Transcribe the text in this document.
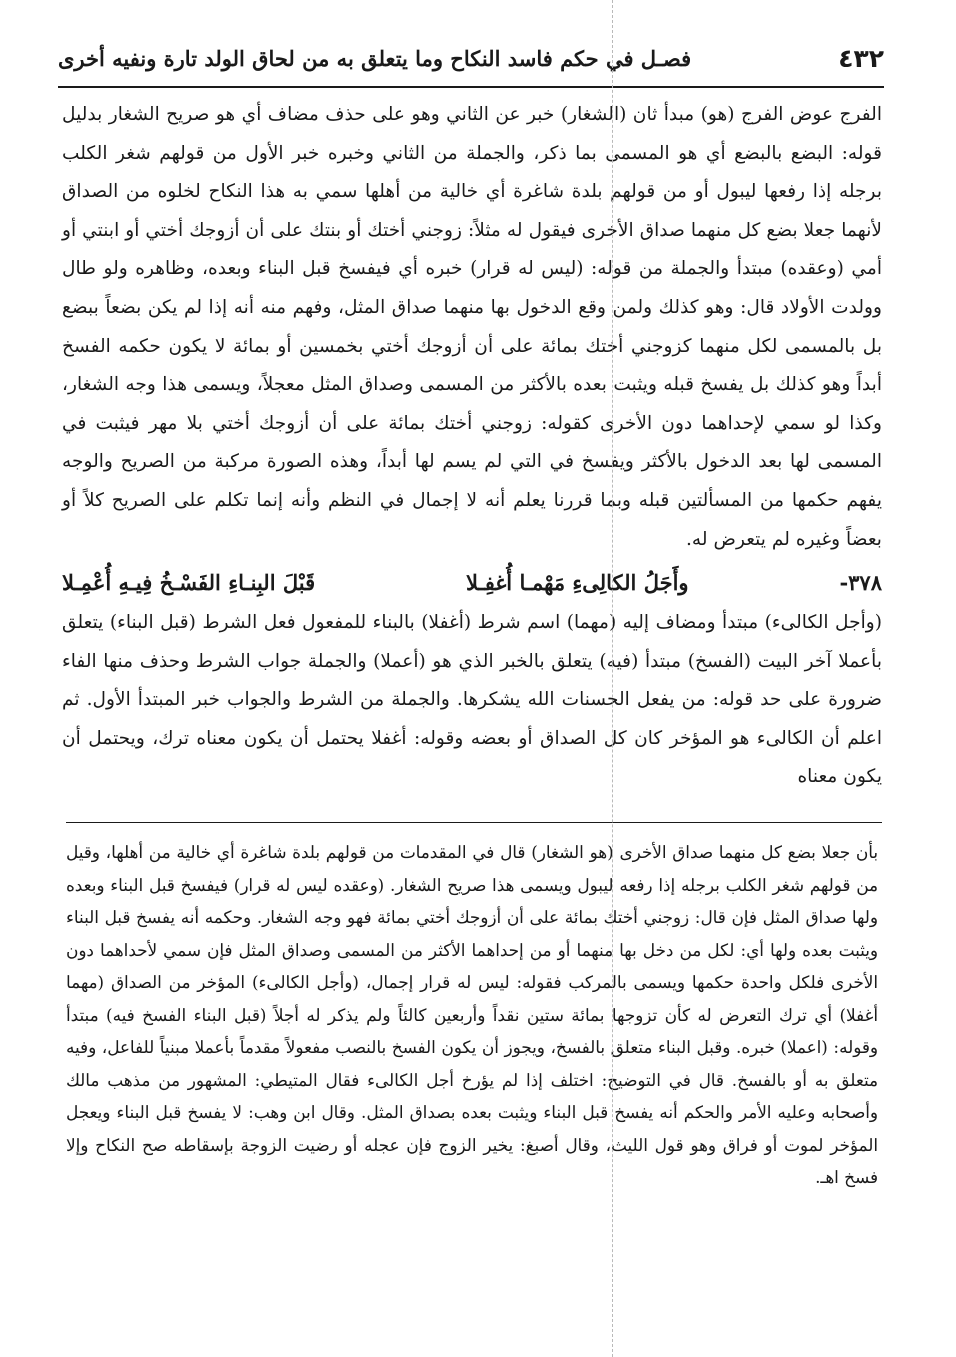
٤٣٢
فصـل في حكم فاسد النكاح وما يتعلق به من لحاق الولد تارة ونفيه أخرى

الفرج عوض الفرج (هو) مبدأ ثان (الشغار) خبر عن الثاني وهو على حذف مضاف أي هو صريح الشغار بدليل قوله: البضع بالبضع أي هو المسمى بما ذكر، والجملة من الثاني وخبره خبر الأول من قولهم شغر الكلب برجله إذا رفعها ليبول أو من قولهم بلدة شاغرة أي خالية من أهلها سمي به هذا النكاح لخلوه من الصداق لأنهما جعلا بضع كل منهما صداق الأخرى فيقول له مثلاً: زوجني أختك أو بنتك على أن أزوجك أختي أو ابنتي أو أمي (وعقده) مبتدأ والجملة من قوله: (ليس له قرار) خبره أي فيفسخ قبل البناء وبعده، وظاهره ولو طال وولدت الأولاد قال: وهو كذلك ولمن وقع الدخول بها منهما صداق المثل، وفهم منه أنه إذا لم يكن بضعاً ببضع بل بالمسمى لكل منهما كزوجني أختك بمائة على أن أزوجك أختي بخمسين أو بمائة لا يكون حكمه الفسخ أبداً وهو كذلك بل يفسخ قبله ويثبت بعده بالأكثر من المسمى وصداق المثل معجلاً، ويسمى هذا وجه الشغار، وكذا لو سمي لإحداهما دون الأخرى كقوله: زوجني أختك بمائة على أن أزوجك أختي بلا مهر فيثبت في المسمى لها بعد الدخول بالأكثر ويفسخ في التي لم يسم لها أبداً، وهذه الصورة مركبة من الصريح والوجه يفهم حكمها من المسألتين قبله وبما قررنا يعلم أنه لا إجمال في النظم وأنه إنما تكلم على الصريح كلاً أو بعضاً وغيره لم يتعرض له.

٣٧٨-
وأَجَلُ الكالِىءِ مَهْمـا أُغفِـلا
قَبْلَ البِنـاءِ الفَسْـخُ فِيـهِ أُعْمِـلا

(وأجل الكالىء) مبتدأ ومضاف إليه (مهما) اسم شرط (أغفلا) بالبناء للمفعول فعل الشرط (قبل البناء) يتعلق بأعملا آخر البيت (الفسخ) مبتدأ (فيه) يتعلق بالخبر الذي هو (أعملا) والجملة جواب الشرط وحذف منها الفاء ضرورة على حد قوله: من يفعل الحسنات الله يشكرها. والجملة من الشرط والجواب خبر المبتدأ الأول. ثم اعلم أن الكالىء هو المؤخر كان كل الصداق أو بعضه وقوله: أغفلا يحتمل أن يكون معناه ترك، ويحتمل أن يكون معناه

بأن جعلا بضع كل منهما صداق الأخرى (هو الشغار) قال في المقدمات من قولهم بلدة شاغرة أي خالية من أهلها، وقيل من قولهم شغر الكلب برجله إذا رفعه ليبول ويسمى هذا صريح الشغار. (وعقده ليس له قرار) فيفسخ قبل البناء وبعده ولها صداق المثل فإن قال: زوجني أختك بمائة على أن أزوجك أختي بمائة فهو وجه الشغار. وحكمه أنه يفسخ قبل البناء ويثبت بعده ولها أي: لكل من دخل بها منهما أو من إحداهما الأكثر من المسمى وصداق المثل فإن سمي لأحداهما دون الأخرى فلكل واحدة حكمها ويسمى بالمركب فقوله: ليس له قرار إجمال، (وأجل الكالىء) المؤخر من الصداق (مهما أغفلا) أي ترك التعرض له كأن تزوجها بمائة ستين نقداً وأربعين كالئاً ولم يذكر له أجلاً (قبل البناء الفسخ فيه) مبتدأ وقوله: (اعملا) خبره. وقبل البناء متعلق بالفسخ، ويجوز أن يكون الفسخ بالنصب مفعولاً مقدماً بأعملا مبنياً للفاعل، وفيه متعلق به أو بالفسخ. قال في التوضيح: اختلف إذا لم يؤرخ أجل الكالىء فقال المتيطي: المشهور من مذهب مالك وأصحابه وعليه الأمر والحكم أنه يفسخ قبل البناء ويثبت بعده بصداق المثل. وقال ابن وهب: لا يفسخ قبل البناء ويعجل المؤخر لموت أو فراق وهو قول الليث، وقال أصبغ: يخير الزوج فإن عجله أو رضيت الزوجة بإسقاطه صح النكاح وإلا فسخ اهـ.
